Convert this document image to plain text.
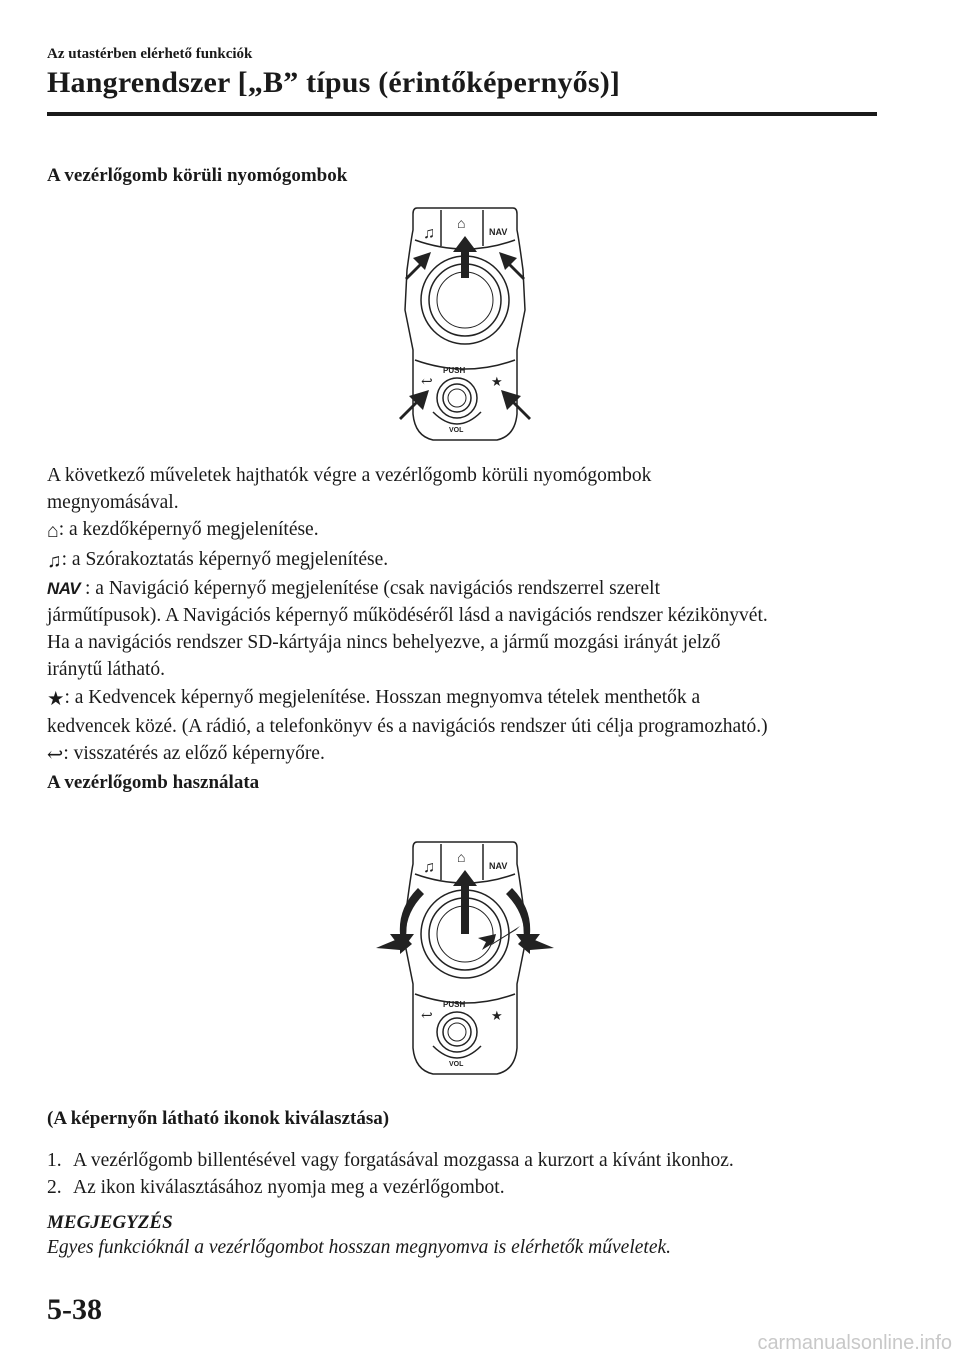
Az utastérben elérhető funkciók
Hangrendszer [„B” típus (érintőképernyős)]
A vezérlőgomb körüli nyomógombok
♫
⌂	NAV
PUSH
VOL
↩	★

A következő műveletek hajthatók végre a vezérlőgomb körüli nyomógombok

megnyomásával.

⌂: a kezdőképernyő megjelenítése.

♫: a Szórakoztatás képernyő megjelenítése.

NAV : a Navigáció képernyő megjelenítése (csak navigációs rendszerrel szerelt

járműtípusok). A Navigációs képernyő működéséről lásd a navigációs rendszer kézikönyvét.

Ha a navigációs rendszer SD-kártyája nincs behelyezve, a jármű mozgási irányát jelző

iránytű látható.

★: a Kedvencek képernyő megjelenítése. Hosszan megnyomva tételek menthetők a

kedvencek közé. (A rádió, a telefonkönyv és a navigációs rendszer úti célja programozható.)

↩: visszatérés az előző képernyőre.

A vezérlőgomb használata
♫
⌂	NAV
PUSH
VOL
↩	★
(A képernyőn látható ikonok kiválasztása)
1. A vezérlőgomb billentésével vagy forgatásával mozgassa a kurzort a kívánt ikonhoz.
2. Az ikon kiválasztásához nyomja meg a vezérlőgombot.
MEGJEGYZÉS
Egyes funkcióknál a vezérlőgombot hosszan megnyomva is elérhetők műveletek.
5-38
carmanualsonline.info
